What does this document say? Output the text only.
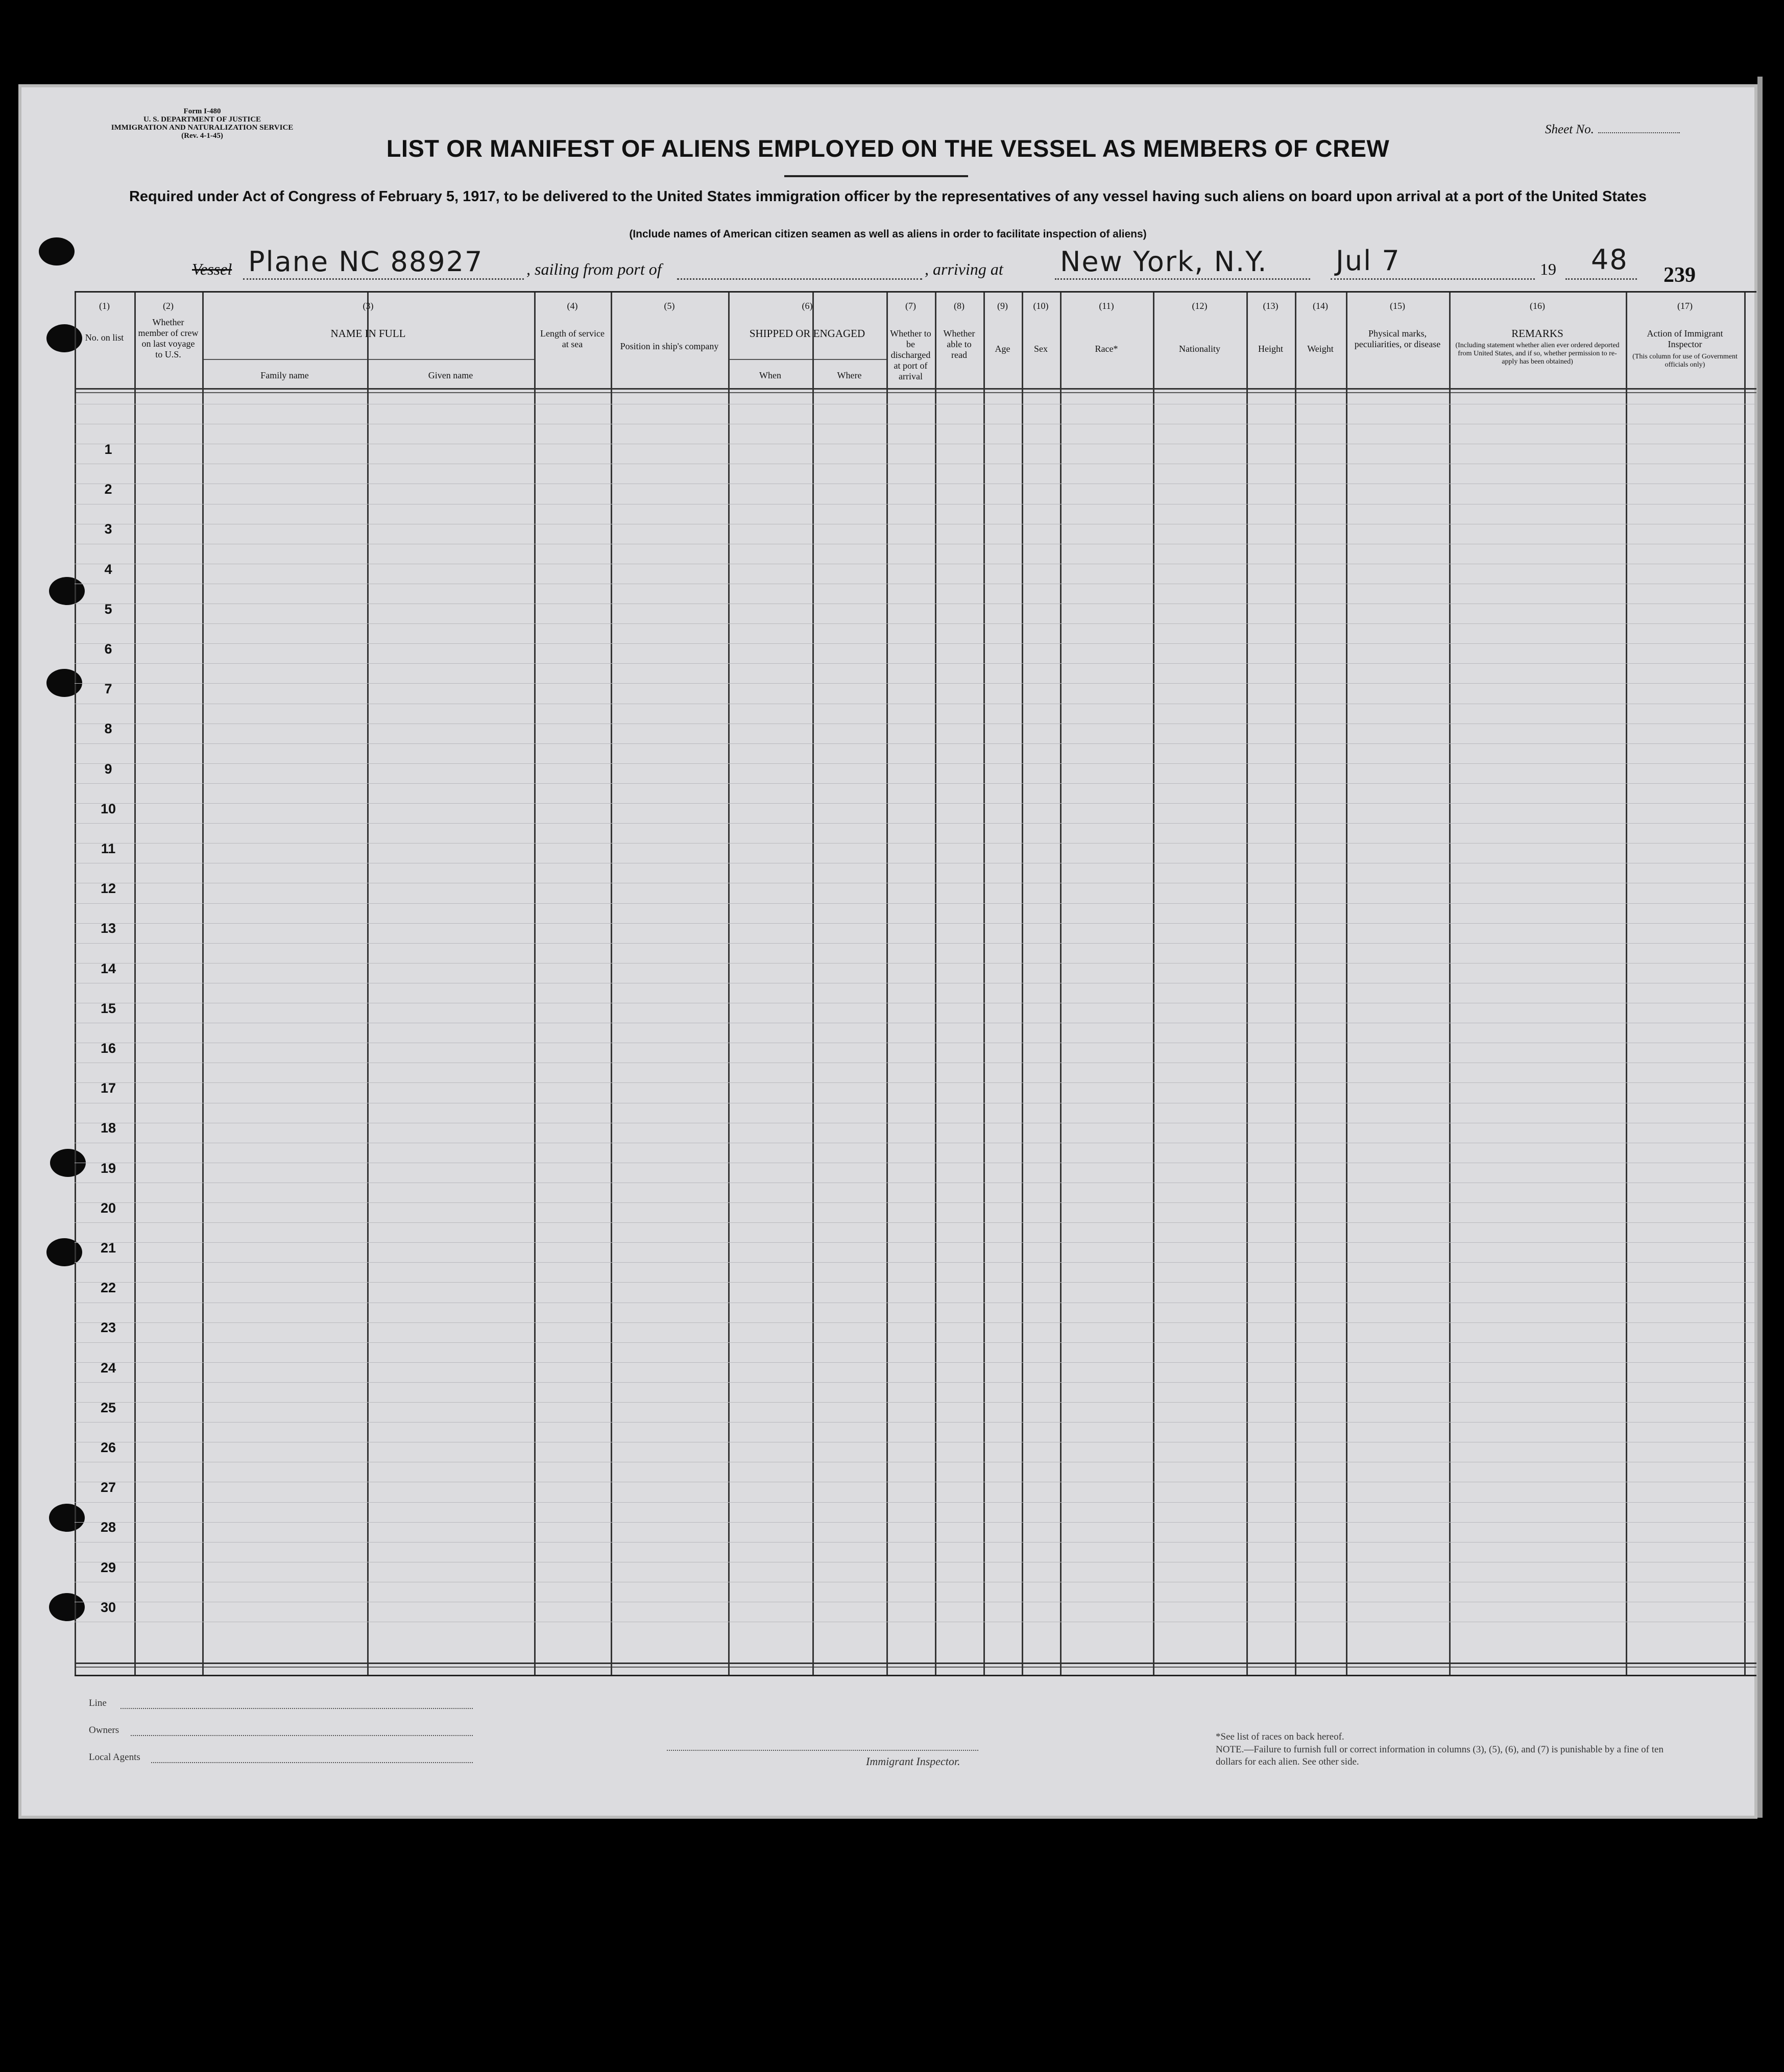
Form I-480
U. S. DEPARTMENT OF JUSTICE
IMMIGRATION AND NATURALIZATION SERVICE
(Rev. 4-1-45)	Sheet No.
LIST OR MANIFEST OF ALIENS EMPLOYED ON THE VESSEL AS MEMBERS OF CREW
Required under Act of Congress of February 5, 1917, to be delivered to the United States immigration officer by the representatives of any vessel having such aliens on board upon arrival at a port of the United States
(Include names of American citizen seamen as well as aliens in order to facilitate inspection of aliens)
Vessel Plane NC 88927	, sailing from port of	, arriving at New York, N.Y. Jul 7	19 48 239
(1)
No. on list
(2)
Whether member of crew on last voyage to U.S.
(3)
NAME IN FULL
Family name	Given name
(4)
Length of service at sea
(5)
Position in ship's company
(6)
SHIPPED OR ENGAGED
When	Where
(7)
Whether to be discharged at port of arrival
(8)
Whether able to read
(9)
Age
(10)
Sex
(11)
Race*
(12)
Nationality
(13)
Height
(14)
Weight
(15)
Physical marks, peculiarities, or disease
(16)
REMARKS
(Including statement whether alien ever ordered deported from United States, and if so, whether permission to re-apply has been obtained)
(17)
Action of Immigrant Inspector
(This column for use of Government officials only)
1
2
3
4
5
6
7
8
9
10
11
12
13
14
15
16
17
18
19
20
21
22
23
24
25
26
27
28
29
30
Line
Owners
Local Agents	Immigrant Inspector.
*See list of races on back hereof.
NOTE.—Failure to furnish full or correct information in columns (3), (5), (6), and (7) is punishable by a fine of ten dollars for each alien. See other side.
